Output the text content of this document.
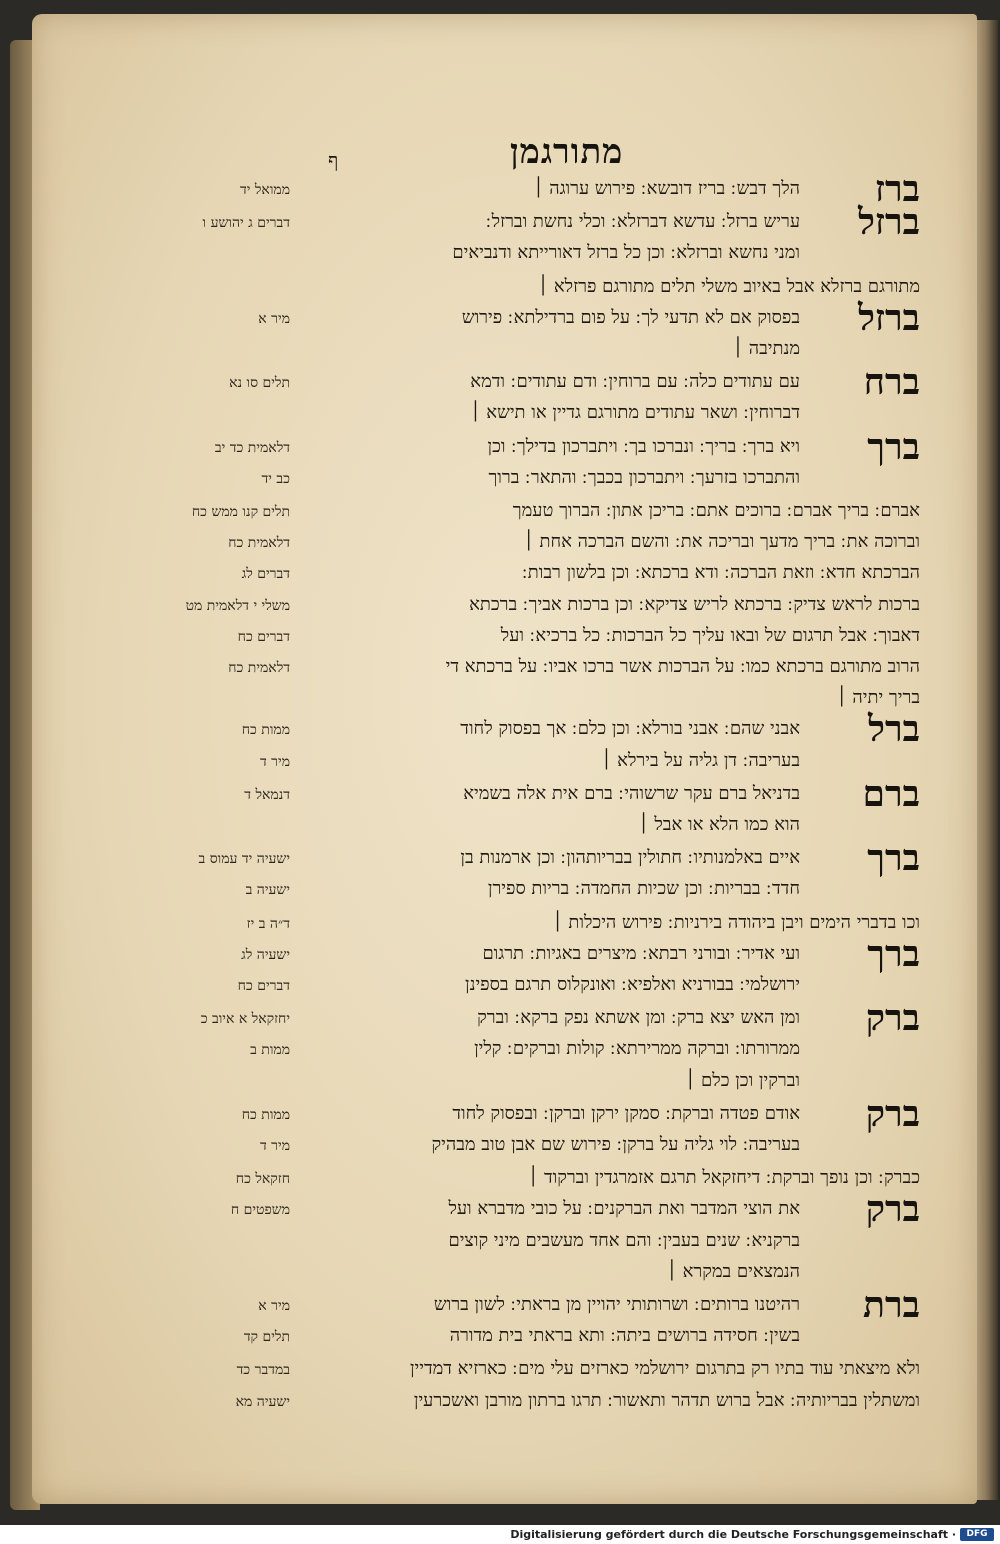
ף	מתורגמן
ברז
הלך דבש ׃ בריז דובשא ׃ פירוש ערוגה ׀
ממואל יד
ברזל
עריש ברזל ׃ עדשא דברזלא ׃ וכלי נחשת וברזל ׃
ומני נחשא וברזלא ׃ וכן כל ברזל דאורייתא ודנביאים
דברים ג יהושע ו
מתורגם ברזלא אבל באיוב משלי תלים מתורגם פרזלא ׀
ברזל
בפסוק אם לא תדעי לך ׃ על פום ברדילתא ׃ פירוש
מנתיבה ׀
מיר א
ברח
עם עתודים כלה ׃ עם ברוחין ׃ ודם עתודים ׃ ודמא
דברוחין ׃ ושאר עתודים מתורגם גדיין או תישא ׀
תלים סו נא
ברך
ויא ברך ׃ בריך ׃ ונברכו בך ׃ ויתברכון בדילך ׃ וכן
והתברכו בזרעך ׃ ויתברכון בכבך ׃ והתאר ׃ ברוך
דלאמית כד יב
כב יד
אברם ׃ בריך אברם ׃ ברוכים אתם ׃ בריכן אתון ׃ הברוך טעמך
וברוכה את ׃ בריך מדעך ובריכה את ׃ והשם הברכה אחת ׀
הברכתא חדא ׃ וזאת הברכה ׃ ודא ברכתא ׃ וכן בלשון רבות ׃
ברכות לראש צדיק ׃ ברכתא לריש צדיקא ׃ וכן ברכות אביך ׃ ברכתא
דאבוך ׃ אבל תרגום של ובאו עליך כל הברכות ׃ כל ברכיא ׃ ועל
הרוב מתורגם ברכתא כמו ׃ על הברכות אשר ברכו אביו ׃ על ברכתא די
בריך יתיה ׀
תלים קנו ממש כח
דלאמית כח
דברים לג
משלי י דלאמית מט
דברים כח
דלאמית כח
ברל
אבני שהם ׃ אבני בורלא ׃ וכן כלם ׃ אך בפסוק לחוד
בעריבה ׃ דן גליה על בירלא ׀
ממות כח
מיר ד
ברם
בדניאל ברם עקר שרשוהי ׃ ברם אית אלה בשמיא
הוא כמו הלא או אבל ׀
דנמאל ד
ברך
איים באלמנותיו ׃ חתולין בבריותהון ׃ וכן ארמנות בן
חדד ׃ בבריות ׃ וכן שכיות החמדה ׃ בריות ספירן
ישעיה יד עמוס ב
ישעיה ב
וכו בדברי הימים ויבן ביהודה בירניות ׃ פירוש היכלות ׀
ד״ה ב יז
ברך
ועי אדיר ׃ ובורני רבתא ׃ מיצרים באגיות ׃ תרגום
ירושלמי ׃ בבורניא ואלפיא ׃ ואונקלוס תרגם בספינן
ישעיה לג
דברים כח
ברק
ומן האש יצא ברק ׃ ומן אשתא נפק ברקא ׃ וברק
ממרורתו ׃ וברקה ממרירתא ׃ קולות וברקים ׃ קלין
וברקין וכן כלם ׀
יחזקאל א איוב כ
ממות ב
ברק
אודם פטדה וברקת ׃ סמקן ירקן וברקן ׃ ובפסוק לחוד
בעריבה ׃ לוי גליה על ברקן ׃ פירוש שם אבן טוב מבהיק
ממות כח
מיר ד
כברק ׃ וכן נופך וברקת ׃ דיחזקאל תרגם אזמרגדין וברקוד ׀
חזקאל כח
ברק
את הוצי המדבר ואת הברקנים ׃ על כובי מדברא ועל
ברקניא ׃ שנים בעבין ׃ והם אחד מעשבים מיני קוצים
הנמצאים במקרא ׀
משפטים ח
ברת
רהיטנו ברותים ׃ ושרותותי יהויין מן בראתי ׃ לשון ברוש
בשין ׃ חסידה ברושים ביתה ׃ ותא בראתי בית מדורה
מיר א
תלים קד
ולא מיצאתי עוד בתיו רק בתרגום ירושלמי כארזים עלי מים ׃ כארזיא דמדיין
ומשתלין בבריותיה ׃ אבל ברוש תדהר ותאשור ׃ תרגו ברתון מורבן ואשכרעין
במדבר כד
ישעיה מא
Digitalisierung gefördert durch die Deutsche Forschungsgemeinschaft ·	DFG
